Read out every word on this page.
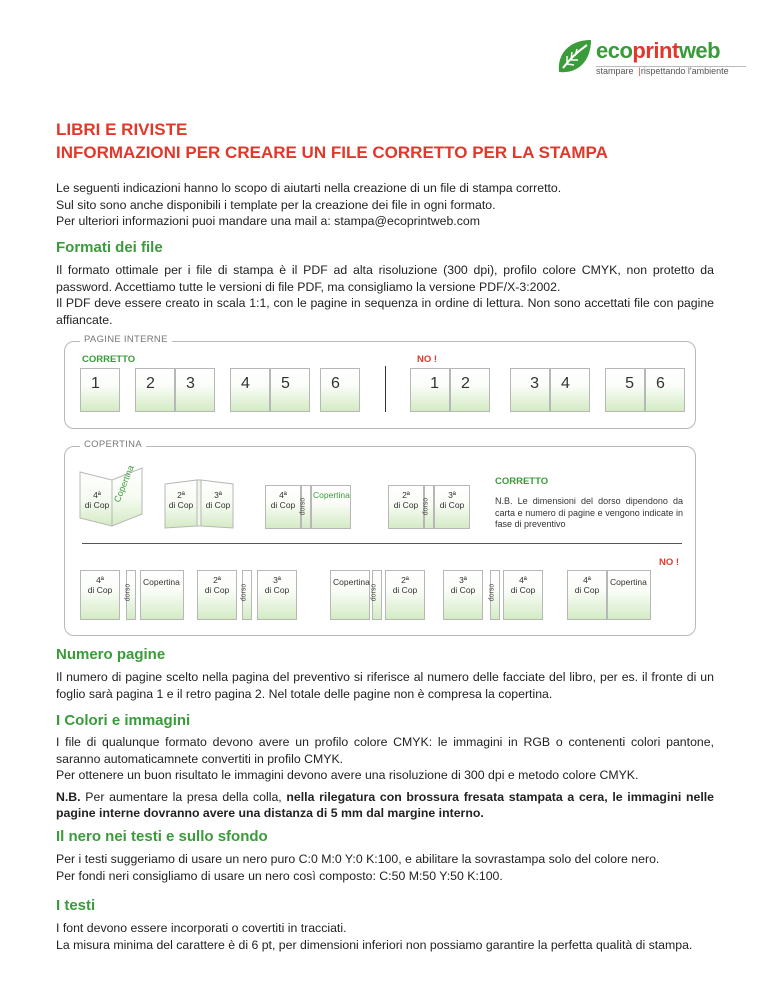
ecoprintweb
stampare |rispettando l'ambiente
LIBRI E RIVISTE
INFORMAZIONI PER CREARE UN FILE CORRETTO PER LA STAMPA
Le seguenti indicazioni hanno lo scopo di aiutarti nella creazione di un file di stampa corretto.
Sul sito sono anche disponibili i template per la creazione dei file in ogni formato.
Per ulteriori informazioni puoi mandare una mail a: stampa@ecoprintweb.com
Formati dei file
Il formato ottimale per i file di stampa è il PDF ad alta risoluzione (300 dpi), profilo colore CMYK, non protetto da password. Accettiamo tutte le versioni di file PDF, ma consigliamo la versione PDF/X-3:2002.
Il PDF deve essere creato in scala 1:1, con le pagine in sequenza in ordine di lettura. Non sono accettati file con pagine affiancate.
PAGINE INTERNE
CORRETTO	NO !
1	2 3	4 5	6	1 2	3 4	5 6
COPERTINA
4ª
di Cop
Copertina	2ª
di Cop
3ª
di Cop
4ª
di Cop dorso
Copertina	2ª
di Cop dorso
3ª
di Cop
CORRETTO
N.B. Le dimensioni del dorso dipendono da carta e numero di pagine e vengono indicate in fase di preventivo
NO !
4ª
di Cop	dorso
Copertina	2ª
di Cop	dorso
3ª
di Cop
Copertina
dorso
2ª
di Cop
3ª
di Cop	dorso
4ª
di Cop
4ª
di Cop
Copertina
Numero pagine
Il numero di pagine scelto nella pagina del preventivo si riferisce al numero delle facciate del libro, per es. il fronte di un foglio sarà pagina 1 e il retro pagina 2. Nel totale delle pagine non è compresa la copertina.
I Colori e immagini
I file di qualunque formato devono avere un profilo colore CMYK: le immagini in RGB o contenenti colori pantone, saranno automaticamnete convertiti in profilo CMYK.
Per ottenere un buon risultato le immagini devono avere una risoluzione di 300 dpi e metodo colore CMYK.
N.B. Per aumentare la presa della colla, nella rilegatura con brossura fresata stampata a cera, le immagini nelle pagine interne dovranno avere una distanza di 5 mm dal margine interno.
Il nero nei testi e sullo sfondo
Per i testi suggeriamo di usare un nero puro C:0 M:0 Y:0 K:100, e abilitare la sovrastampa solo del colore nero.
Per fondi neri consigliamo di usare un nero così composto: C:50 M:50 Y:50 K:100.
I testi
I font devono essere incorporati o covertiti in tracciati.
La misura minima del carattere è di 6 pt, per dimensioni inferiori non possiamo garantire la perfetta qualità di stampa.
